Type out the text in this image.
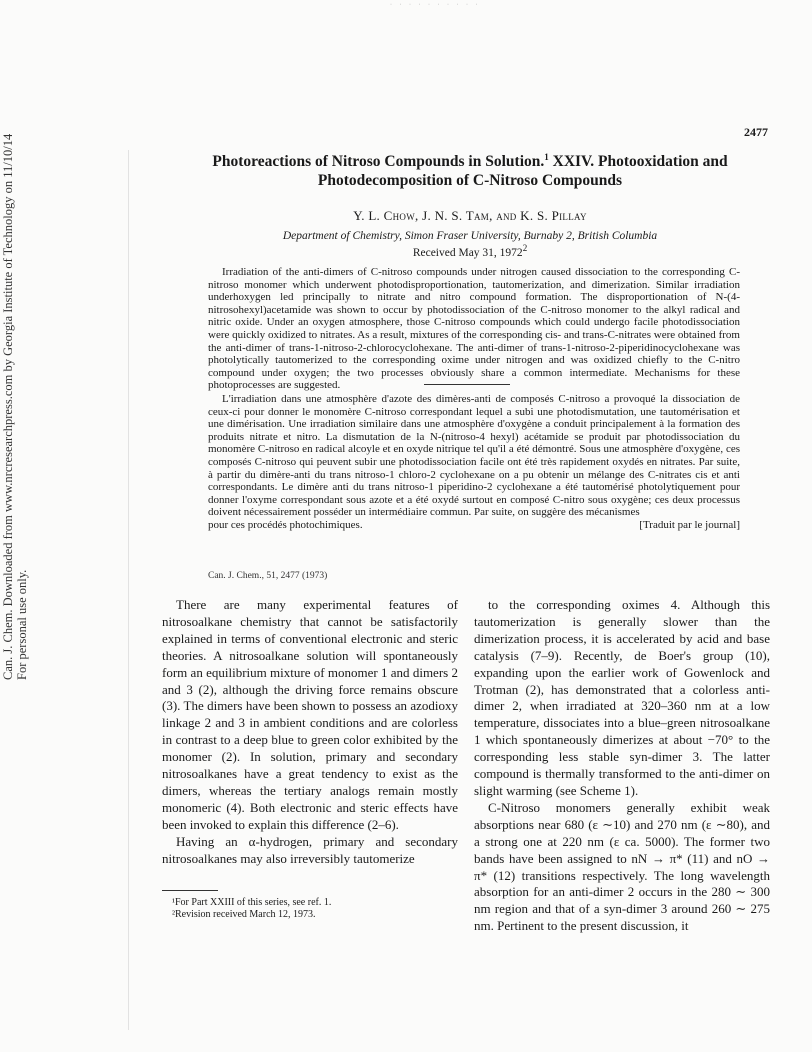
· · · · · · · · · ·
Can. J. Chem. Downloaded from www.nrcresearchpress.com by Georgia Institute of Technology on 11/10/14 For personal use only.
2477
Photoreactions of Nitroso Compounds in Solution.$^1$ XXIV. Photooxidation and
Photodecomposition of C-Nitroso Compounds
Y. L. Chow, J. N. S. Tam, and K. S. Pillay
Department of Chemistry, Simon Fraser University, Burnaby 2, British Columbia
Received May 31, 1972$^2$

Irradiation of the anti-dimers of C-nitroso compounds under nitrogen caused dissociation to the corresponding C-nitroso monomer which underwent photodisproportionation, tautomerization, and dimerization. Similar irradiation underhoxygen led principally to nitrate and nitro compound formation. The disproportionation of N-(4-nitrosohexyl)acetamide was shown to occur by photodissociation of the C-nitroso monomer to the alkyl radical and nitric oxide. Under an oxygen atmosphere, those C-nitroso compounds which could undergo facile photodissociation were quickly oxidized to nitrates. As a result, mixtures of the corresponding cis- and trans-C-nitrates were obtained from the anti-dimer of trans-1-nitroso-2-chlorocyclohexane. The anti-dimer of trans-1-nitroso-2-piperidinocyclohexane was photolytically tautomerized to the corresponding oxime under nitrogen and was oxidized chiefly to the C-nitro compound under oxygen; the two processes obviously share a common intermediate. Mechanisms for these photoprocesses are suggested.

L'irradiation dans une atmosphère d'azote des dimères-anti de composés C-nitroso a provoqué la dissociation de ceux-ci pour donner le monomère C-nitroso correspondant lequel a subi une photodismutation, une tautomérisation et une dimérisation. Une irradiation similaire dans une atmosphère d'oxygène a conduit principalement à la formation des produits nitrate et nitro. La dismutation de la N-(nitroso-4 hexyl) acétamide se produit par photodissociation du monomère C-nitroso en radical alcoyle et en oxyde nitrique tel qu'il a été démontré. Sous une atmosphère d'oxygène, ces composés C-nitroso qui peuvent subir une photodissociation facile ont été très rapidement oxydés en nitrates. Par suite, à partir du dimère-anti du trans nitroso-1 chloro-2 cyclohexane on a pu obtenir un mélange des C-nitrates cis et anti correspondants. Le dimère anti du trans nitroso-1 piperidino-2 cyclohexane a été tautomérisé photolytiquement pour donner l'oxyme correspondant sous azote et a été oxydé surtout en composé C-nitro sous oxygène; ces deux processus doivent nécessairement posséder un intermédiaire commun. Par suite, on suggère des mécanismes
pour ces procédés photochimiques.	[Traduit par le journal]
Can. J. Chem., 51, 2477 (1973)

There are many experimental features of nitrosoalkane chemistry that cannot be satisfactorily explained in terms of conventional electronic and steric theories. A nitrosoalkane solution will spontaneously form an equilibrium mixture of monomer 1 and dimers 2 and 3 (2), although the driving force remains obscure (3). The dimers have been shown to possess an azodioxy linkage 2 and 3 in ambient conditions and are colorless in contrast to a deep blue to green color exhibited by the monomer (2). In solution, primary and secondary nitrosoalkanes have a great tendency to exist as the dimers, whereas the tertiary analogs remain mostly monomeric (4). Both electronic and steric effects have been invoked to explain this difference (2–6).

Having an α-hydrogen, primary and secondary nitrosoalkanes may also irreversibly tautomerize

to the corresponding oximes 4. Although this tautomerization is generally slower than the dimerization process, it is accelerated by acid and base catalysis (7–9). Recently, de Boer's group (10), expanding upon the earlier work of Gowenlock and Trotman (2), has demonstrated that a colorless anti-dimer 2, when irradiated at 320–360 nm at a low temperature, dissociates into a blue–green nitrosoalkane 1 which spontaneously dimerizes at about −70° to the corresponding less stable syn-dimer 3. The latter compound is thermally transformed to the anti-dimer on slight warming (see Scheme 1).

C-Nitroso monomers generally exhibit weak absorptions near 680 (ε ∼10) and 270 nm (ε ∼80), and a strong one at 220 nm (ε ca. 5000). The former two bands have been assigned to nN → π* (11) and nO → π* (12) transitions respectively. The long wavelength absorption for an anti-dimer 2 occurs in the 280 ∼ 300 nm region and that of a syn-dimer 3 around 260 ∼ 275 nm. Pertinent to the present discussion, it

¹For Part XXIII of this series, see ref. 1.
²Revision received March 12, 1973.
